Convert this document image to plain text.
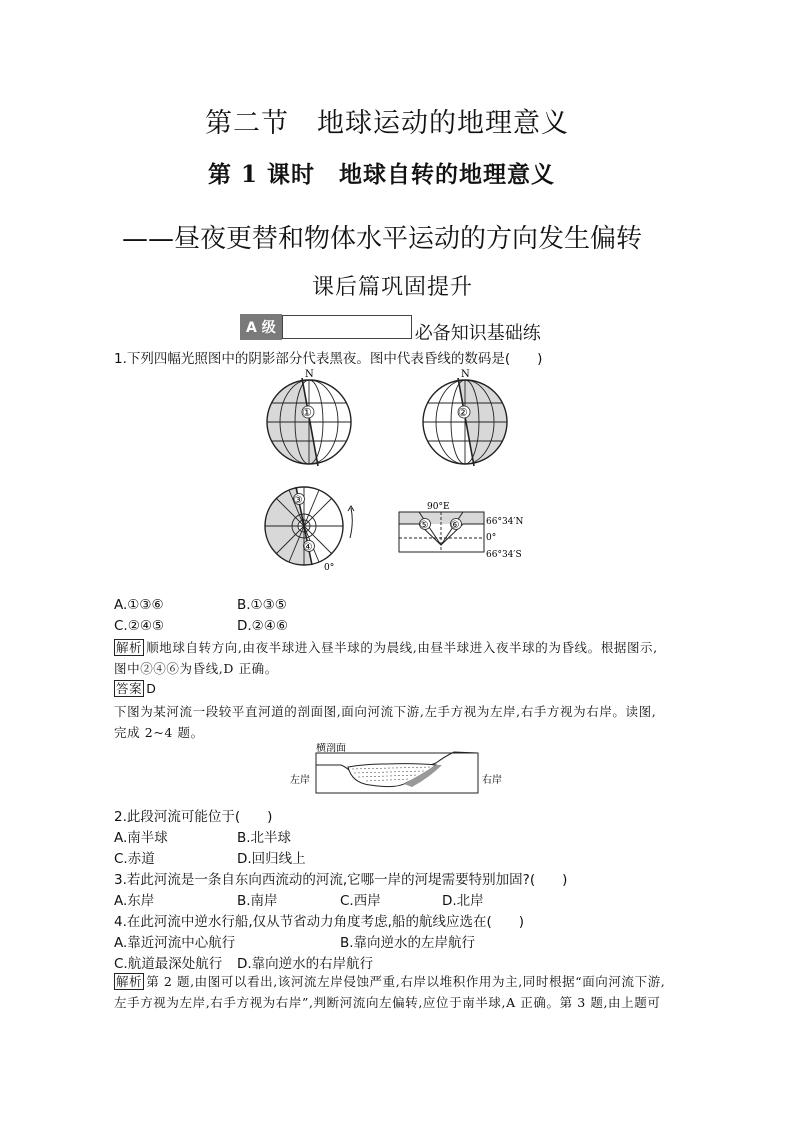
第二节　地球运动的地理意义
第 1 课时　地球自转的地理意义
——昼夜更替和物体水平运动的方向发生偏转
课后篇巩固提升
A 级	必备知识基础练
1.下列四幅光照图中的阴影部分代表黑夜。图中代表昏线的数码是(　　)
N
①
N
②
③
④
0°
90°E
⑤ ⑥	66°34′N
0°
66°34′S
A.①③⑥	B.①③⑤
C.②④⑤	D.②④⑥
解析 顺地球自转方向,由夜半球进入昼半球的为晨线,由昼半球进入夜半球的为昏线。根据图示,
图中②④⑥为昏线,D 正确。
答案 D
下图为某河流一段较平直河道的剖面图,面向河流下游,左手方视为左岸,右手方视为右岸。读图,
完成 2~4 题。
横剖面
左岸	右岸
2.此段河流可能位于(　　)
A.南半球	B.北半球
C.赤道	D.回归线上
3.若此河流是一条自东向西流动的河流,它哪一岸的河堤需要特别加固?(　　)
A.东岸	B.南岸	C.西岸	D.北岸
4.在此河流中逆水行船,仅从节省动力角度考虑,船的航线应选在(　　)
A.靠近河流中心航行	B.靠向逆水的左岸航行
C.航道最深处航行 D.靠向逆水的右岸航行
解析 第 2 题,由图可以看出,该河流左岸侵蚀严重,右岸以堆积作用为主,同时根据“面向河流下游,
左手方视为左岸,右手方视为右岸”,判断河流向左偏转,应位于南半球,A 正确。第 3 题,由上题可
